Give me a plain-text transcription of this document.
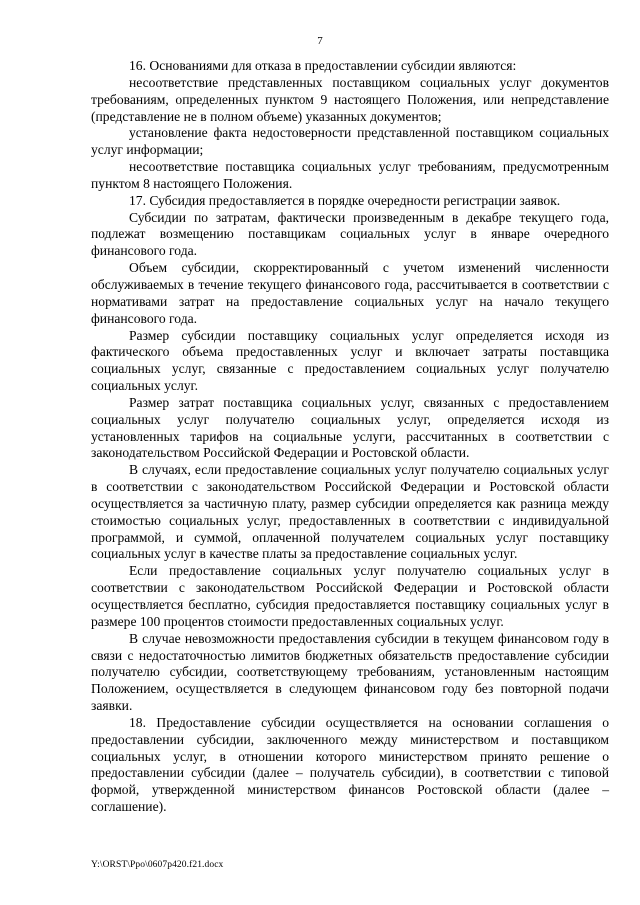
7

16. Основаниями для отказа в предоставлении субсидии являются:

несоответствие представленных поставщиком социальных услуг документов требованиям, определенных пунктом 9 настоящего Положения, или непредставление (представление не в полном объеме) указанных документов;

установление факта недостоверности представленной поставщиком социальных услуг информации;

несоответствие поставщика социальных услуг требованиям, предусмотренным пунктом 8 настоящего Положения.

17. Субсидия предоставляется в порядке очередности регистрации заявок.

Субсидии по затратам, фактически произведенным в декабре текущего года, подлежат возмещению поставщикам социальных услуг в январе очередного финансового года.

Объем субсидии, скорректированный с учетом изменений численности обслуживаемых в течение текущего финансового года, рассчитывается в соответствии с нормативами затрат на предоставление социальных услуг на начало текущего финансового года.

Размер субсидии поставщику социальных услуг определяется исходя из фактического объема предоставленных услуг и включает затраты поставщика социальных услуг, связанные с предоставлением социальных услуг получателю социальных услуг.

Размер затрат поставщика социальных услуг, связанных с предоставлением социальных услуг получателю социальных услуг, определяется исходя из установленных тарифов на социальные услуги, рассчитанных в соответствии с законодательством Российской Федерации и Ростовской области.

В случаях, если предоставление социальных услуг получателю социальных услуг в соответствии с законодательством Российской Федерации и Ростовской области осуществляется за частичную плату, размер субсидии определяется как разница между стоимостью социальных услуг, предоставленных в соответствии с индивидуальной программой, и суммой, оплаченной получателем социальных услуг поставщику социальных услуг в качестве платы за предоставление социальных услуг.

Если предоставление социальных услуг получателю социальных услуг в соответствии с законодательством Российской Федерации и Ростовской области осуществляется бесплатно, субсидия предоставляется поставщику социальных услуг в размере 100 процентов стоимости предоставленных социальных услуг.

В случае невозможности предоставления субсидии в текущем финансовом году в связи с недостаточностью лимитов бюджетных обязательств предоставление субсидии получателю субсидии, соответствующему требованиям, установленным настоящим Положением, осуществляется в следующем финансовом году без повторной подачи заявки.

18. Предоставление субсидии осуществляется на основании соглашения о предоставлении субсидии, заключенного между министерством и поставщиком социальных услуг, в отношении которого министерством принято решение о предоставлении субсидии (далее – получатель субсидии), в соответствии с типовой формой, утвержденной министерством финансов Ростовской области (далее – соглашение).

Y:\ORST\Ppo\0607p420.f21.docx
